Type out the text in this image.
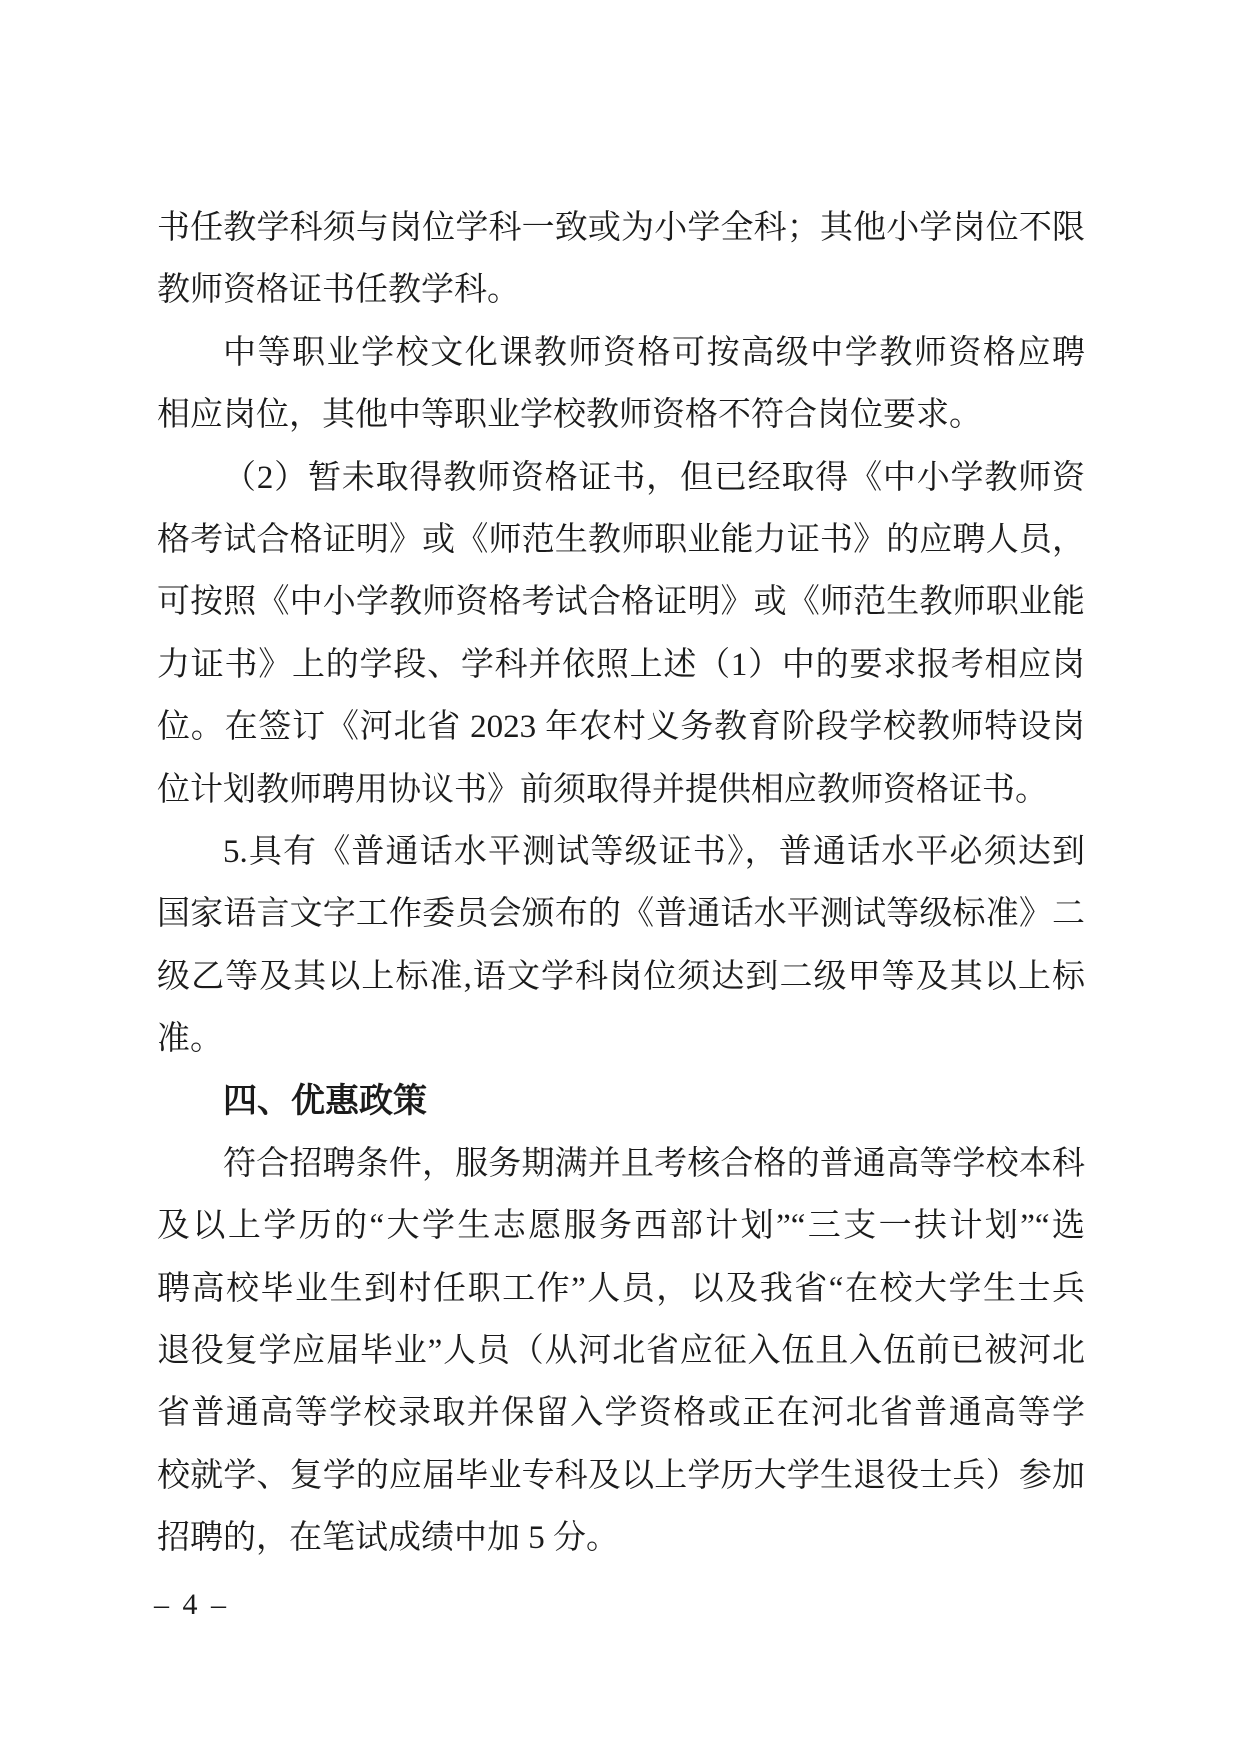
书任教学科须与岗位学科一致或为小学全科；其他小学岗位不限
教师资格证书任教学科。
中等职业学校文化课教师资格可按高级中学教师资格应聘
相应岗位，其他中等职业学校教师资格不符合岗位要求。
（2）暂未取得教师资格证书，但已经取得《中小学教师资
格考试合格证明》或《师范生教师职业能力证书》的应聘人员，
可按照《中小学教师资格考试合格证明》或《师范生教师职业能
力证书》上的学段、学科并依照上述（1）中的要求报考相应岗
位。在签订《河北省 2023 年农村义务教育阶段学校教师特设岗
位计划教师聘用协议书》前须取得并提供相应教师资格证书。
5.具有《普通话水平测试等级证书》，普通话水平必须达到
国家语言文字工作委员会颁布的《普通话水平测试等级标准》二
级乙等及其以上标准,语文学科岗位须达到二级甲等及其以上标
准。
四、优惠政策
符合招聘条件，服务期满并且考核合格的普通高等学校本科
及以上学历的“大学生志愿服务西部计划”“三支一扶计划”“选
聘高校毕业生到村任职工作”人员，以及我省“在校大学生士兵
退役复学应届毕业”人员（从河北省应征入伍且入伍前已被河北
省普通高等学校录取并保留入学资格或正在河北省普通高等学
校就学、复学的应届毕业专科及以上学历大学生退役士兵）参加
招聘的，在笔试成绩中加 5 分。
– 4 –
